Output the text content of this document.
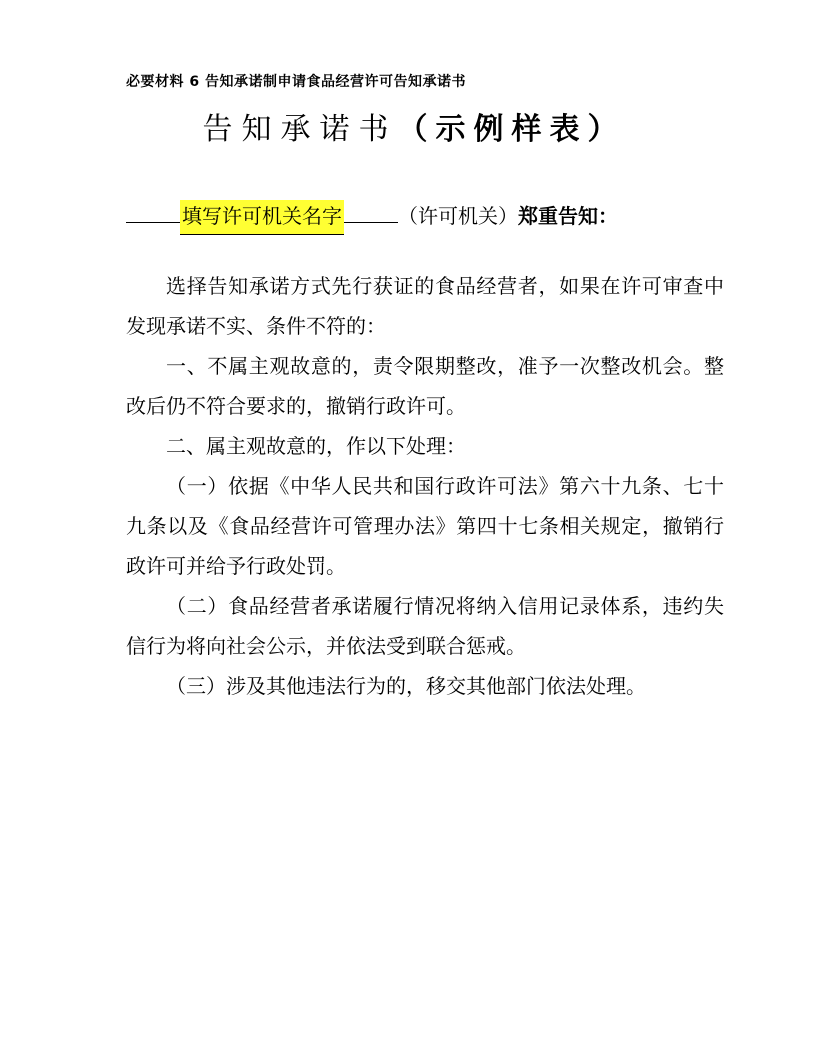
必要材料 6 告知承诺制申请食品经营许可告知承诺书
告知承诺书（示例样表）
填写许可机关名字	（许可机关）郑重告知：

选择告知承诺方式先行获证的食品经营者，如果在许可审查中发现承诺不实、条件不符的：

一、不属主观故意的，责令限期整改，准予一次整改机会。整改后仍不符合要求的，撤销行政许可。

二、属主观故意的，作以下处理：

（一）依据《中华人民共和国行政许可法》第六十九条、七十九条以及《食品经营许可管理办法》第四十七条相关规定，撤销行政许可并给予行政处罚。

（二）食品经营者承诺履行情况将纳入信用记录体系，违约失信行为将向社会公示，并依法受到联合惩戒。

（三）涉及其他违法行为的，移交其他部门依法处理。
